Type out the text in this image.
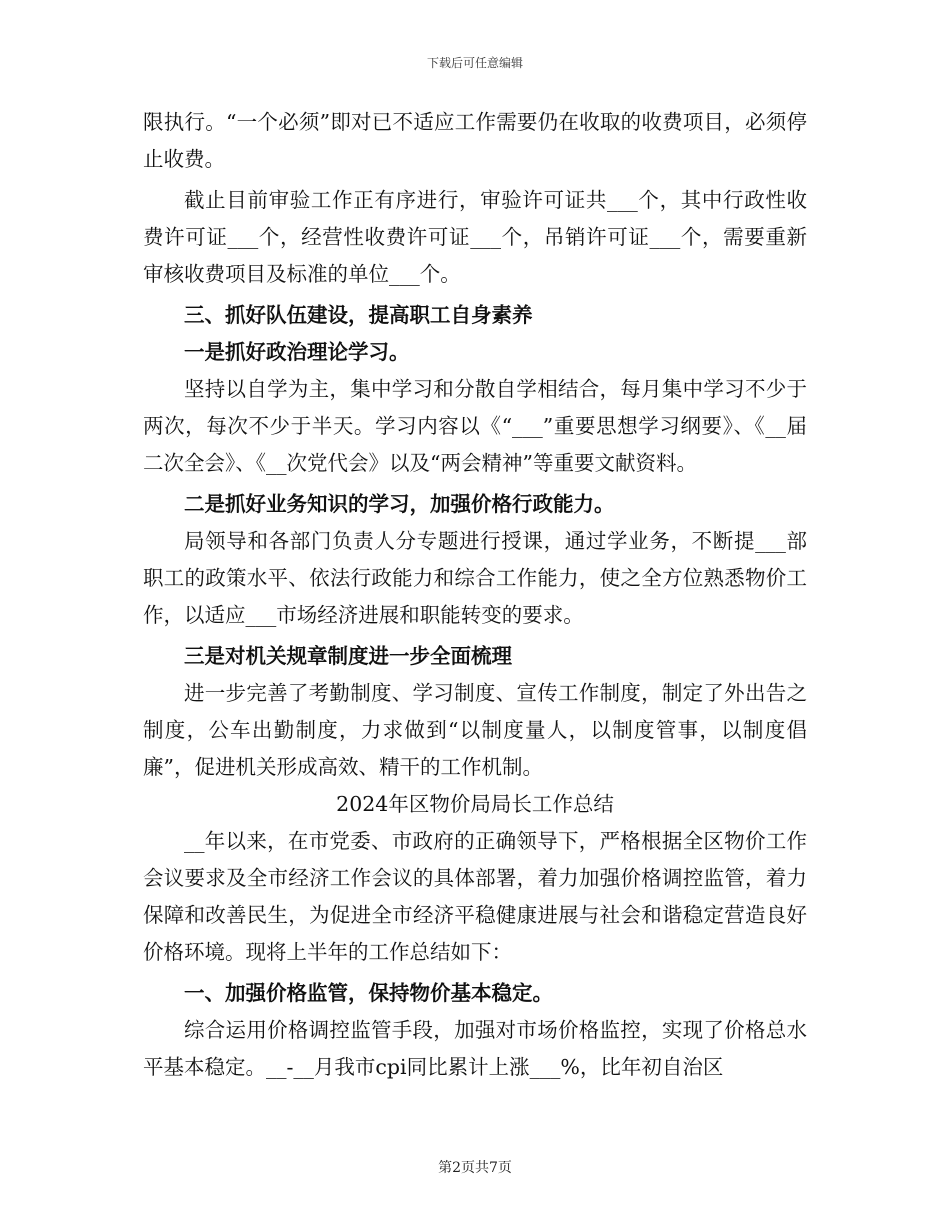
下载后可任意编辑

限执行。“一个必须”即对已不适应工作需要仍在收取的收费项目，必须停止收费。

截止目前审验工作正有序进行，审验许可证共___个，其中行政性收费许可证___个，经营性收费许可证___个，吊销许可证___个，需要重新审核收费项目及标准的单位___个。

三、抓好队伍建设，提高职工自身素养

一是抓好政治理论学习。

坚持以自学为主，集中学习和分散自学相结合，每月集中学习不少于两次，每次不少于半天。学习内容以《“___”重要思想学习纲要》、《__届二次全会》、《__次党代会》以及“两会精神”等重要文献资料。

二是抓好业务知识的学习，加强价格行政能力。

局领导和各部门负责人分专题进行授课，通过学业务，不断提___部职工的政策水平、依法行政能力和综合工作能力，使之全方位熟悉物价工作，以适应___市场经济进展和职能转变的要求。

三是对机关规章制度进一步全面梳理

进一步完善了考勤制度、学习制度、宣传工作制度，制定了外出告之制度，公车出勤制度，力求做到“以制度量人，以制度管事，以制度倡廉”，促进机关形成高效、精干的工作机制。

2024年区物价局局长工作总结

__年以来，在市党委、市政府的正确领导下，严格根据全区物价工作会议要求及全市经济工作会议的具体部署，着力加强价格调控监管，着力保障和改善民生，为促进全市经济平稳健康进展与社会和谐稳定营造良好价格环境。现将上半年的工作总结如下：

一、加强价格监管，保持物价基本稳定。

综合运用价格调控监管手段，加强对市场价格监控，实现了价格总水平基本稳定。__-__月我市cpi同比累计上涨___%，比年初自治区

第2页共7页
